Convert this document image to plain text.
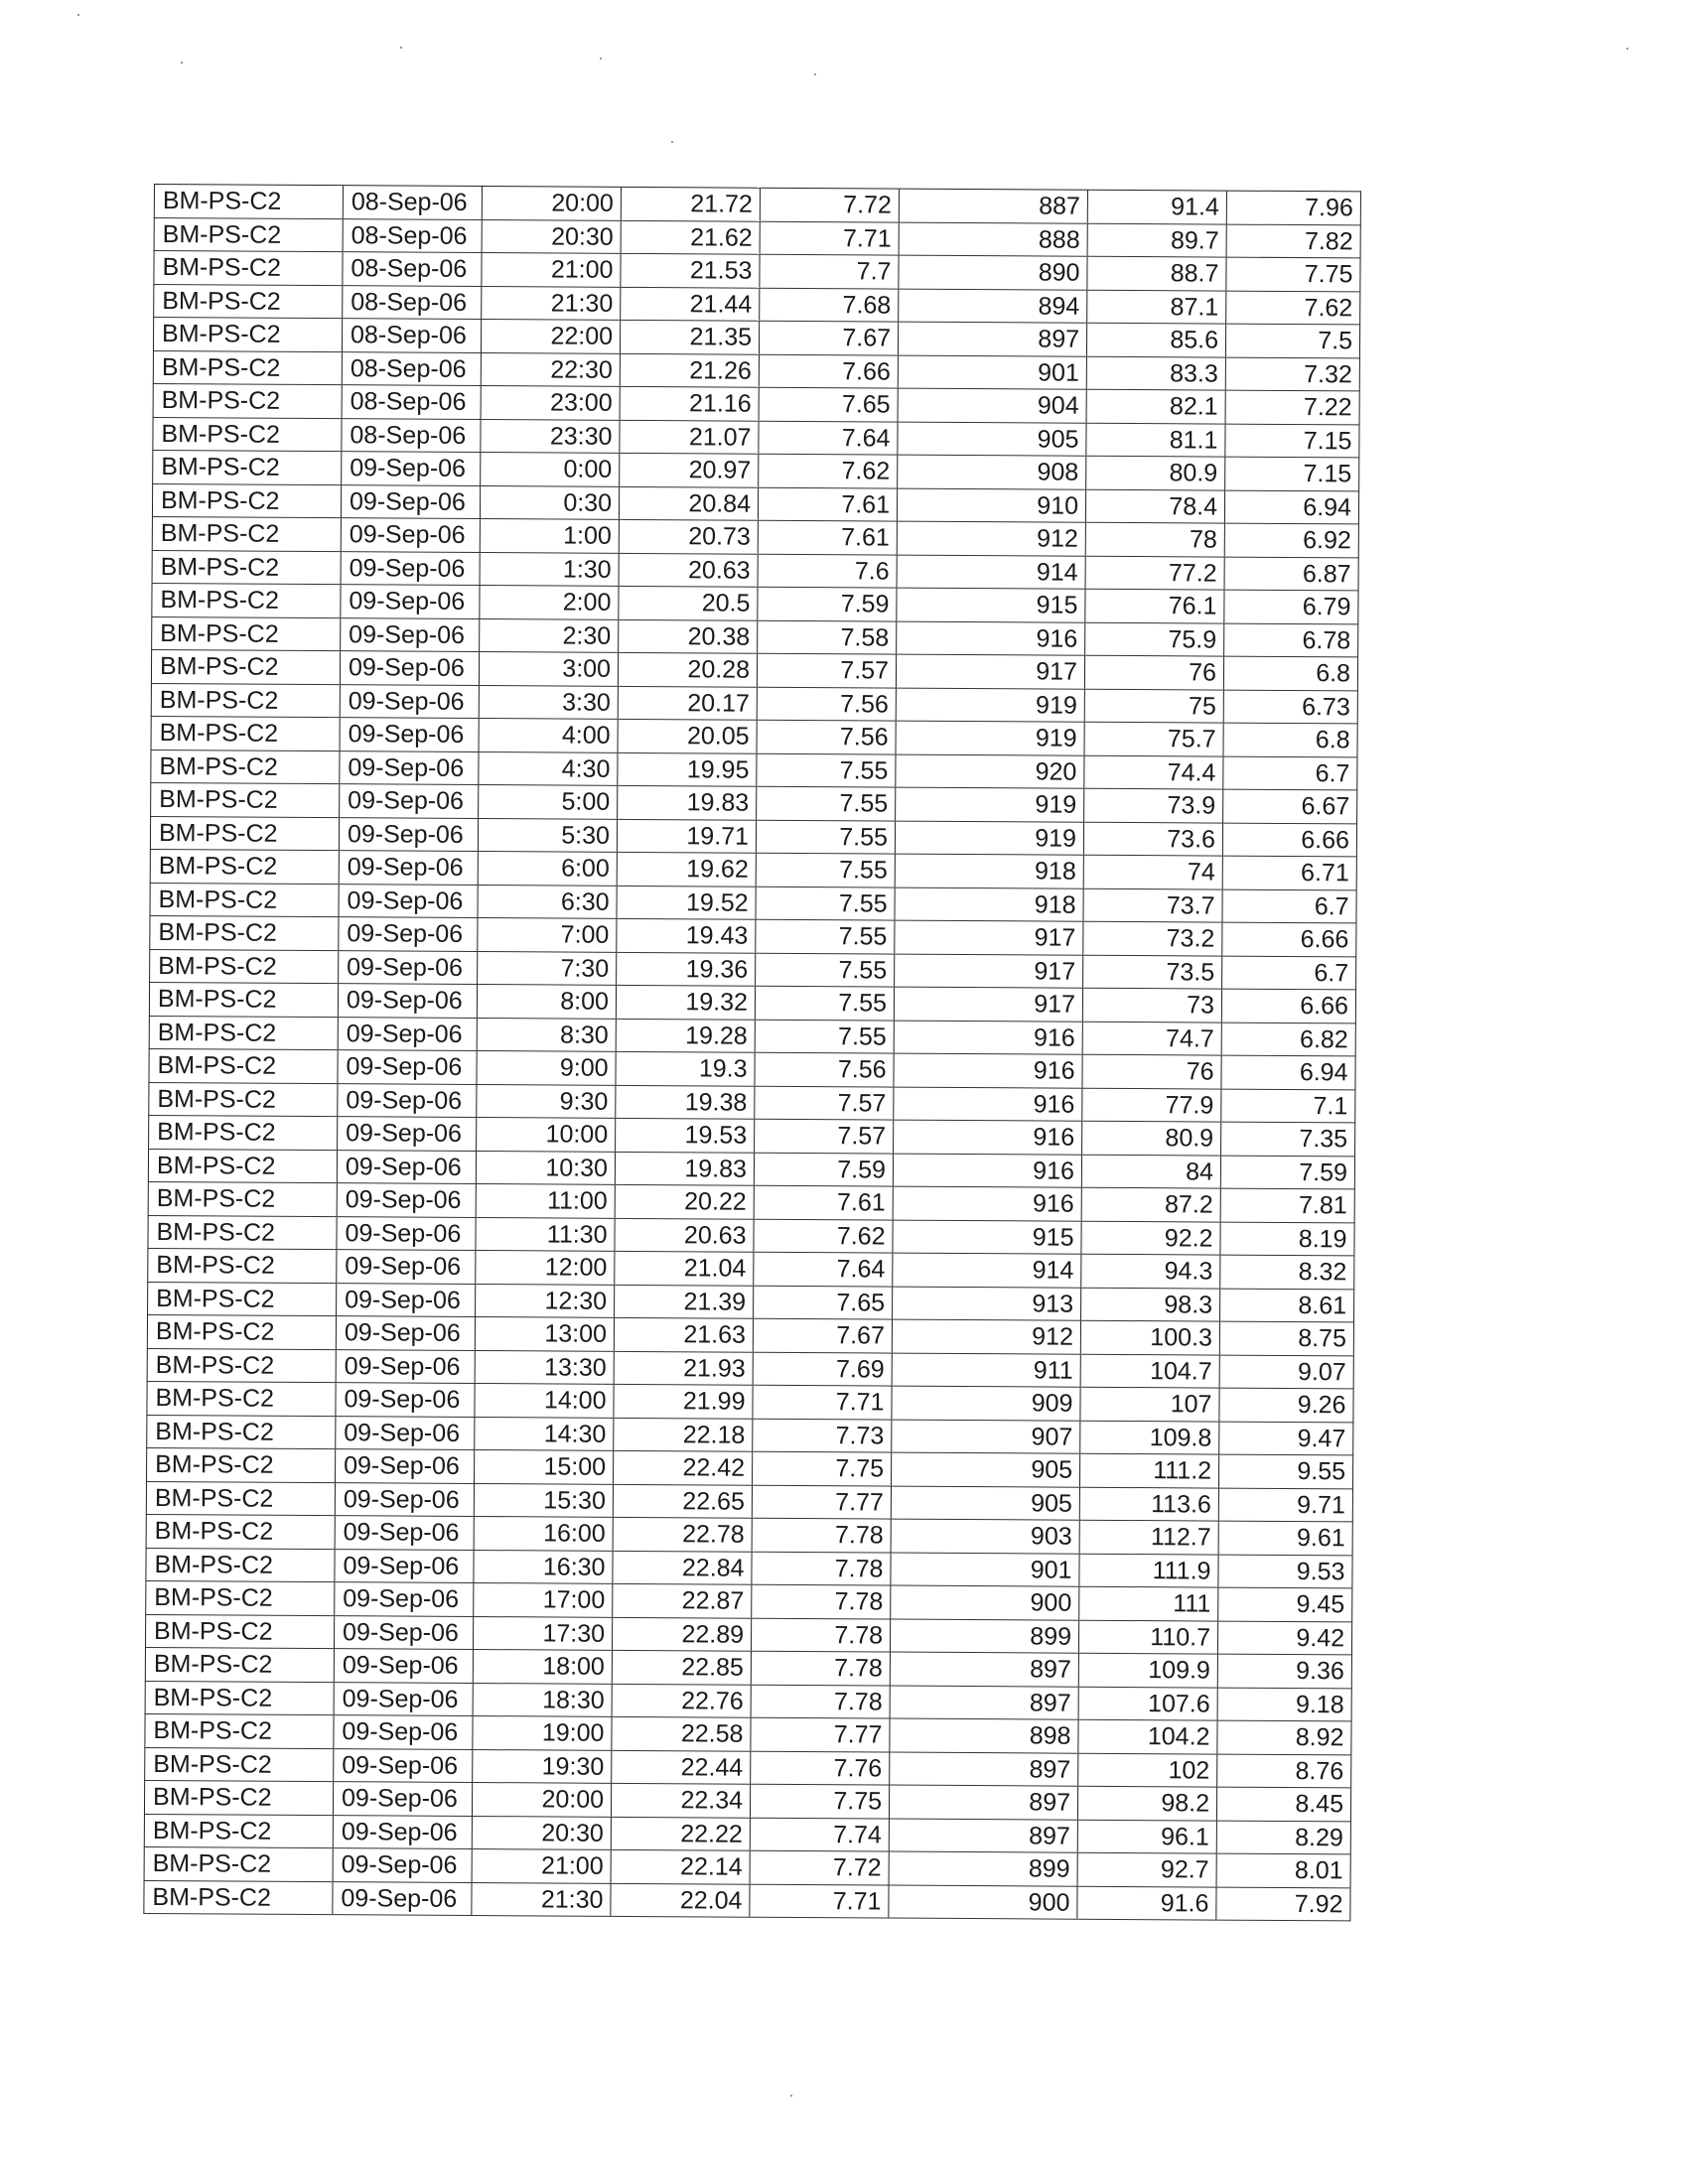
BM-PS-C2	08-Sep-06	20:00	21.72	7.72	887	91.4	7.96
BM-PS-C2	08-Sep-06	20:30	21.62	7.71	888	89.7	7.82
BM-PS-C2	08-Sep-06	21:00	21.53	7.7	890	88.7	7.75
BM-PS-C2	08-Sep-06	21:30	21.44	7.68	894	87.1	7.62
BM-PS-C2	08-Sep-06	22:00	21.35	7.67	897	85.6	7.5
BM-PS-C2	08-Sep-06	22:30	21.26	7.66	901	83.3	7.32
BM-PS-C2	08-Sep-06	23:00	21.16	7.65	904	82.1	7.22
BM-PS-C2	08-Sep-06	23:30	21.07	7.64	905	81.1	7.15
BM-PS-C2	09-Sep-06	0:00	20.97	7.62	908	80.9	7.15
BM-PS-C2	09-Sep-06	0:30	20.84	7.61	910	78.4	6.94
BM-PS-C2	09-Sep-06	1:00	20.73	7.61	912	78	6.92
BM-PS-C2	09-Sep-06	1:30	20.63	7.6	914	77.2	6.87
BM-PS-C2	09-Sep-06	2:00	20.5	7.59	915	76.1	6.79
BM-PS-C2	09-Sep-06	2:30	20.38	7.58	916	75.9	6.78
BM-PS-C2	09-Sep-06	3:00	20.28	7.57	917	76	6.8
BM-PS-C2	09-Sep-06	3:30	20.17	7.56	919	75	6.73
BM-PS-C2	09-Sep-06	4:00	20.05	7.56	919	75.7	6.8
BM-PS-C2	09-Sep-06	4:30	19.95	7.55	920	74.4	6.7
BM-PS-C2	09-Sep-06	5:00	19.83	7.55	919	73.9	6.67
BM-PS-C2	09-Sep-06	5:30	19.71	7.55	919	73.6	6.66
BM-PS-C2	09-Sep-06	6:00	19.62	7.55	918	74	6.71
BM-PS-C2	09-Sep-06	6:30	19.52	7.55	918	73.7	6.7
BM-PS-C2	09-Sep-06	7:00	19.43	7.55	917	73.2	6.66
BM-PS-C2	09-Sep-06	7:30	19.36	7.55	917	73.5	6.7
BM-PS-C2	09-Sep-06	8:00	19.32	7.55	917	73	6.66
BM-PS-C2	09-Sep-06	8:30	19.28	7.55	916	74.7	6.82
BM-PS-C2	09-Sep-06	9:00	19.3	7.56	916	76	6.94
BM-PS-C2	09-Sep-06	9:30	19.38	7.57	916	77.9	7.1
BM-PS-C2	09-Sep-06	10:00	19.53	7.57	916	80.9	7.35
BM-PS-C2	09-Sep-06	10:30	19.83	7.59	916	84	7.59
BM-PS-C2	09-Sep-06	11:00	20.22	7.61	916	87.2	7.81
BM-PS-C2	09-Sep-06	11:30	20.63	7.62	915	92.2	8.19
BM-PS-C2	09-Sep-06	12:00	21.04	7.64	914	94.3	8.32
BM-PS-C2	09-Sep-06	12:30	21.39	7.65	913	98.3	8.61
BM-PS-C2	09-Sep-06	13:00	21.63	7.67	912	100.3	8.75
BM-PS-C2	09-Sep-06	13:30	21.93	7.69	911	104.7	9.07
BM-PS-C2	09-Sep-06	14:00	21.99	7.71	909	107	9.26
BM-PS-C2	09-Sep-06	14:30	22.18	7.73	907	109.8	9.47
BM-PS-C2	09-Sep-06	15:00	22.42	7.75	905	111.2	9.55
BM-PS-C2	09-Sep-06	15:30	22.65	7.77	905	113.6	9.71
BM-PS-C2	09-Sep-06	16:00	22.78	7.78	903	112.7	9.61
BM-PS-C2	09-Sep-06	16:30	22.84	7.78	901	111.9	9.53
BM-PS-C2	09-Sep-06	17:00	22.87	7.78	900	111	9.45
BM-PS-C2	09-Sep-06	17:30	22.89	7.78	899	110.7	9.42
BM-PS-C2	09-Sep-06	18:00	22.85	7.78	897	109.9	9.36
BM-PS-C2	09-Sep-06	18:30	22.76	7.78	897	107.6	9.18
BM-PS-C2	09-Sep-06	19:00	22.58	7.77	898	104.2	8.92
BM-PS-C2	09-Sep-06	19:30	22.44	7.76	897	102	8.76
BM-PS-C2	09-Sep-06	20:00	22.34	7.75	897	98.2	8.45
BM-PS-C2	09-Sep-06	20:30	22.22	7.74	897	96.1	8.29
BM-PS-C2	09-Sep-06	21:00	22.14	7.72	899	92.7	8.01
BM-PS-C2	09-Sep-06	21:30	22.04	7.71	900	91.6	7.92
